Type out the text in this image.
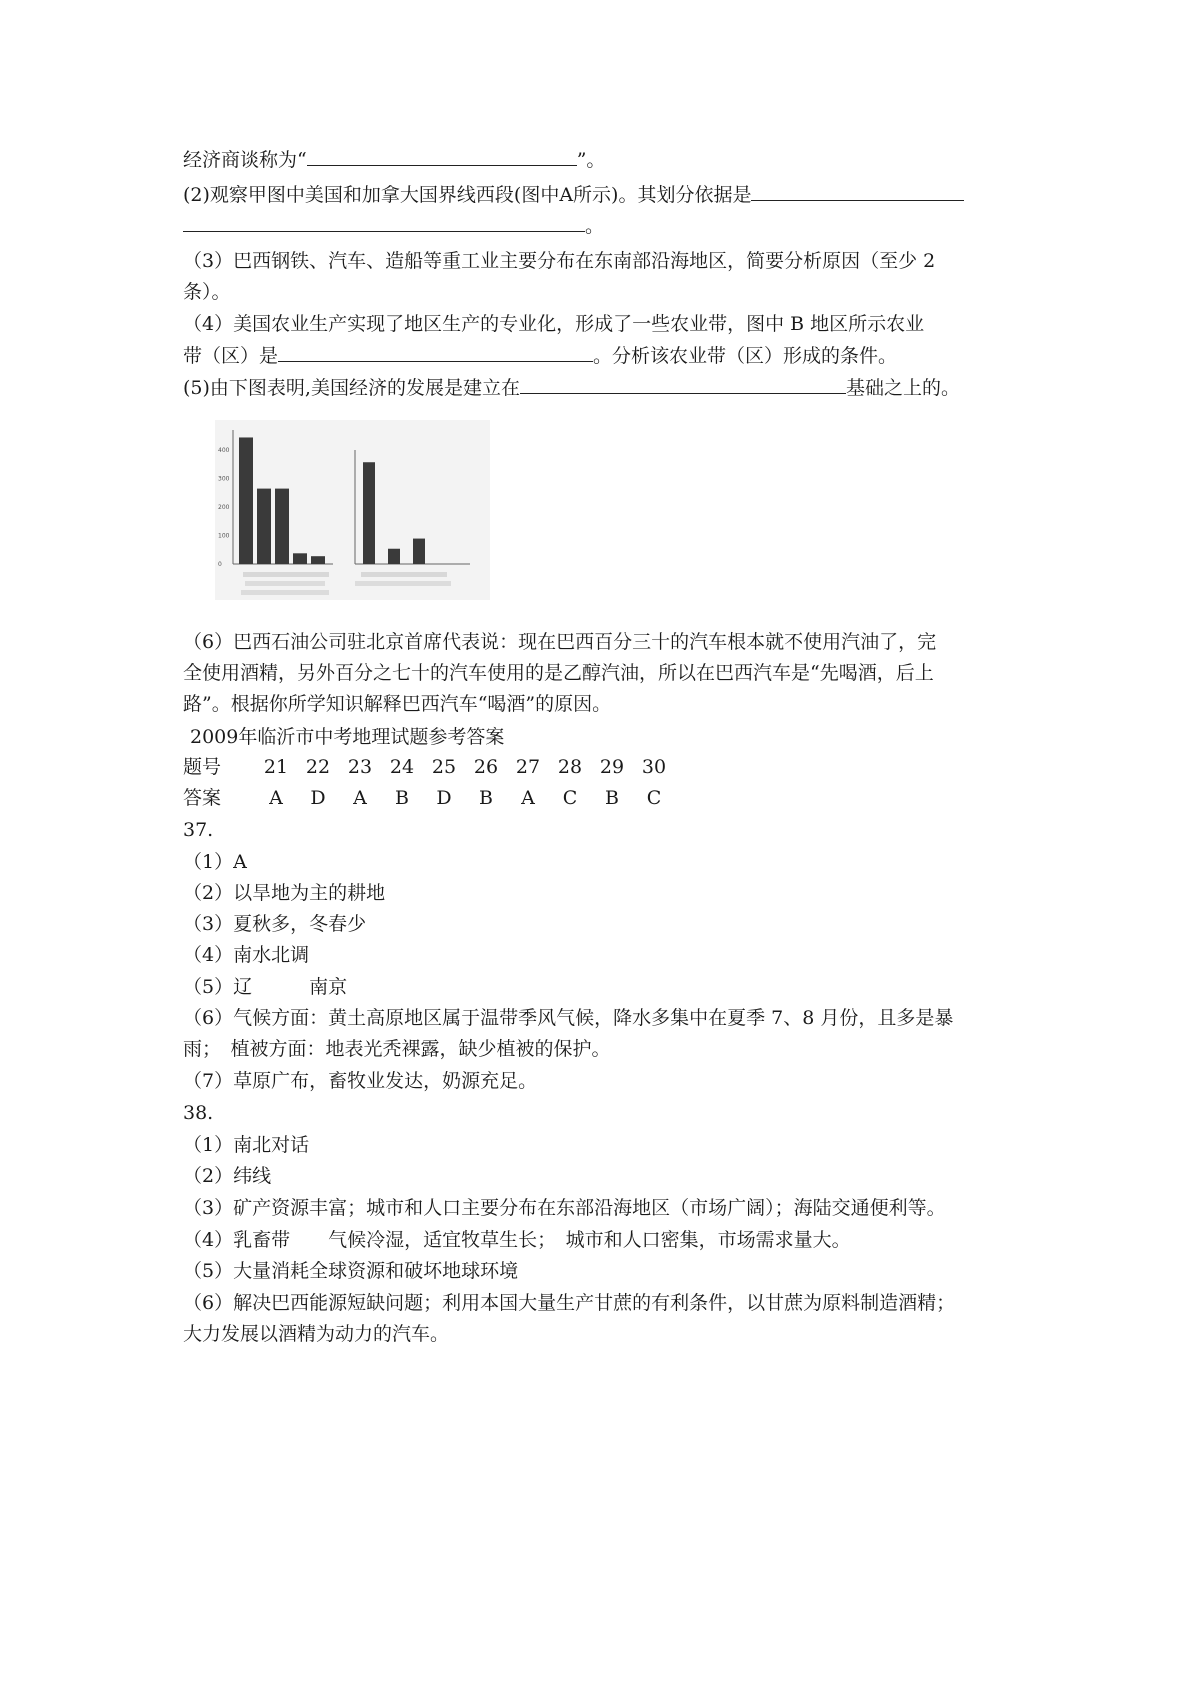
经济商谈称为“	”。
(2)观察甲图中美国和加拿大国界线西段(图中A所示)。其划分依据是
。
（3）巴西钢铁、汽车、造船等重工业主要分布在东南部沿海地区，简要分析原因（至少 2
条）。
（4）美国农业生产实现了地区生产的专业化，形成了一些农业带，图中 B 地区所示农业
带（区）是	。分析该农业带（区）形成的条件。
(5)由下图表明,美国经济的发展是建立在	基础之上的。
400
300
200
100
0
（6）巴西石油公司驻北京首席代表说：现在巴西百分三十的汽车根本就不使用汽油了，完
全使用酒精，另外百分之七十的汽车使用的是乙醇汽油，所以在巴西汽车是“先喝酒，后上
路”。根据你所学知识解释巴西汽车“喝酒”的原因。
2009年临沂市中考地理试题参考答案
题号	21 22 23 24 25 26 27 28 29 30
答案	A	D	A	B	D	B	A	C	B	C
37.
（1）A
（2）以旱地为主的耕地
（3）夏秋多，冬春少
（4）南水北调
（5）辽　　　南京
（6）气候方面：黄土高原地区属于温带季风气候，降水多集中在夏季 7、8 月份，且多是暴
雨；　植被方面：地表光秃裸露，缺少植被的保护。
（7）草原广布，畜牧业发达，奶源充足。
38.
（1）南北对话
（2）纬线
（3）矿产资源丰富；城市和人口主要分布在东部沿海地区（市场广阔）；海陆交通便利等。
（4）乳畜带　　气候冷湿，适宜牧草生长；　城市和人口密集，市场需求量大。
（5）大量消耗全球资源和破坏地球环境
（6）解决巴西能源短缺问题；利用本国大量生产甘蔗的有利条件，以甘蔗为原料制造酒精；
大力发展以酒精为动力的汽车。
